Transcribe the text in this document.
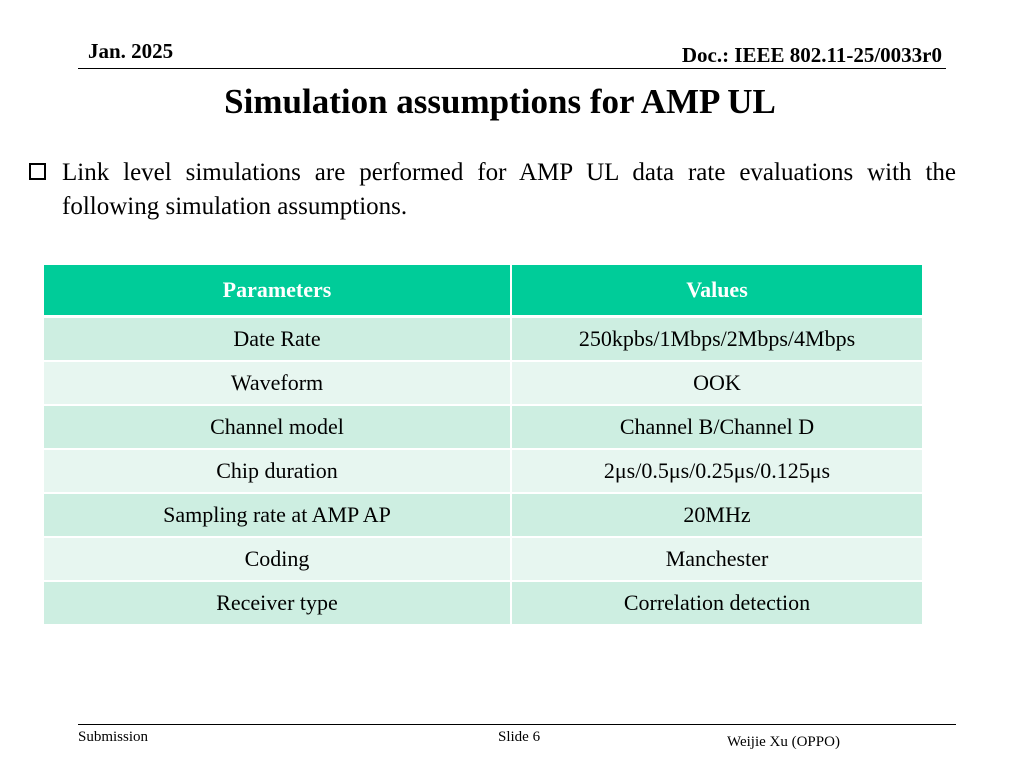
Jan. 2025	Doc.: IEEE 802.11-25/0033r0
Simulation assumptions for AMP UL

Link level simulations are performed for AMP UL data rate evaluations with the following simulation assumptions.

Parameters	Values
Date Rate	250kpbs/1Mbps/2Mbps/4Mbps
Waveform	OOK
Channel model	Channel B/Channel D
Chip duration	2μs/0.5μs/0.25μs/0.125μs
Sampling rate at AMP AP	20MHz
Coding	Manchester
Receiver type	Correlation detection
Submission	Slide 6	Weijie Xu (OPPO)
